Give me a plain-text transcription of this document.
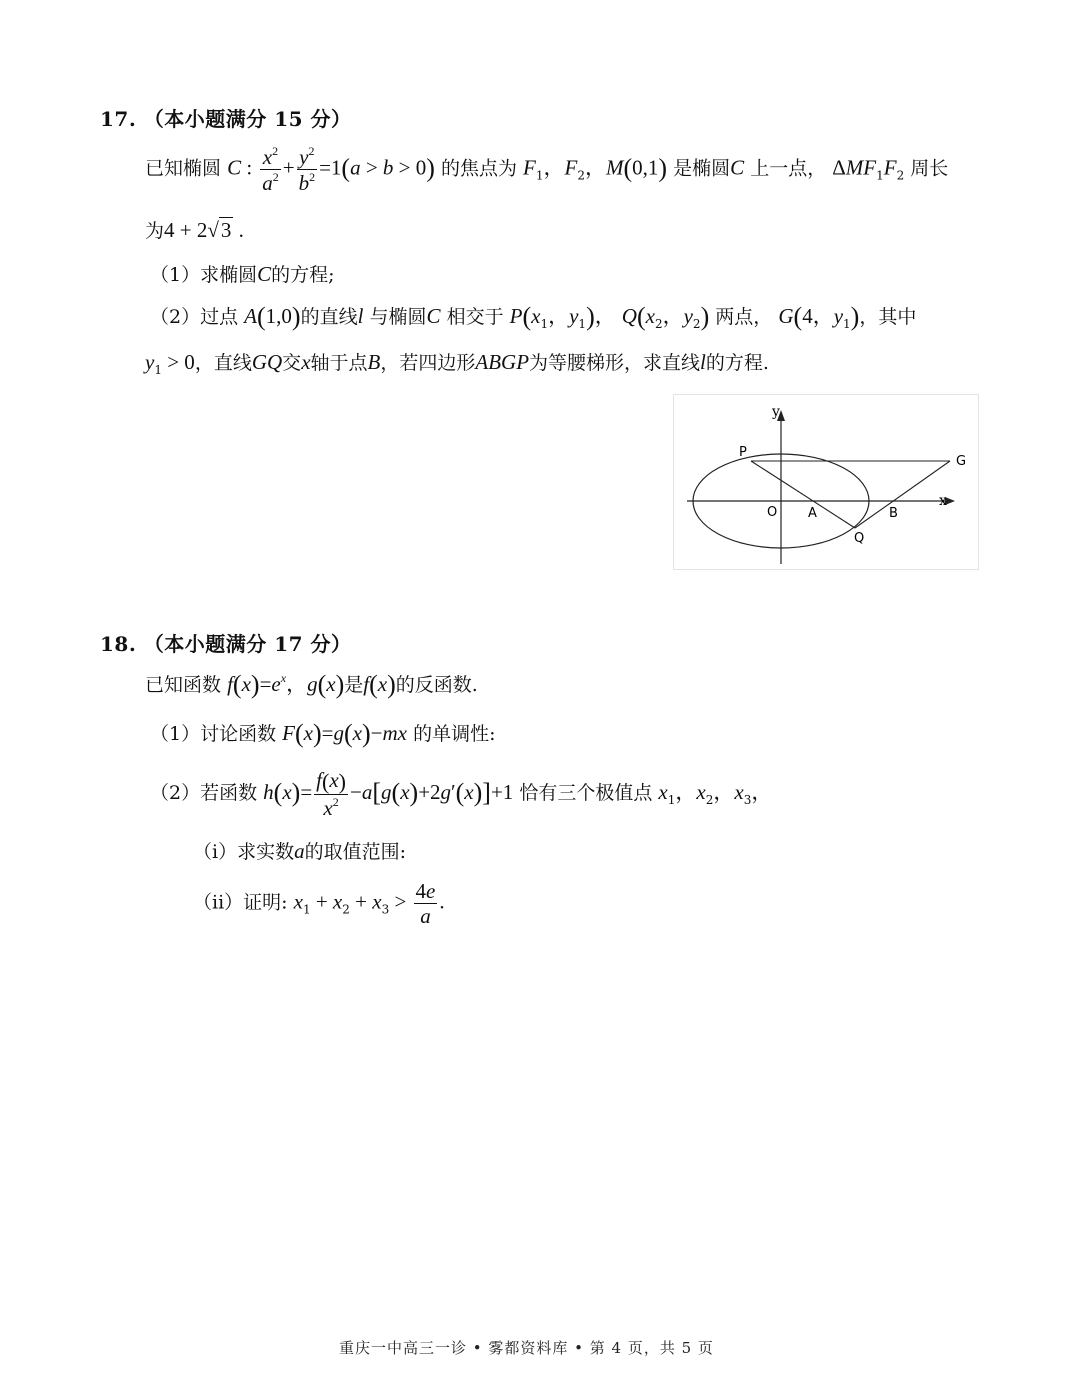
17. （本小题满分 15 分）
已知椭圆 C : $\frac{x^2}{a^2} + \frac{y^2}{b^2} =1(a > b > 0)$ 的焦点为 $F_1$，$F_2$，M(0,1) 是椭圆C 上一点， $\Delta MF_1F_2$ 周长
为4 + 2√3 .
（1）求椭圆C的方程;
（2）过点 A(1,0)的直线l 与椭圆C 相交于 $P(x_1$，$y_1$)， $Q(x_2$，$y_2$) 两点， G(4，$y_1$)，其中
$y_1 > 0$，直线GQ交x轴于点B，若四边形ABGP为等腰梯形，求直线l的方程.
y
x
P
G
O A	B
Q
18. （本小题满分 17 分）
已知函数 $f(x)=e^x$，g(x)是f(x)的反函数.
（1）讨论函数 F(x)=g(x)−mx 的单调性:
（2）若函数 $h(x)= \frac{f(x)}{x^2} -a[g(x)+2g'(x)]+1$ 恰有三个极值点 $x_1$，$x_2$，$x_3$，
（i）求实数a的取值范围:
（ii）证明: $x_1 + x_2 + x_3 > \frac{4e}{a}$ .
重庆一中高三一诊 • 雾都资料库 • 第 4 页，共 5 页
